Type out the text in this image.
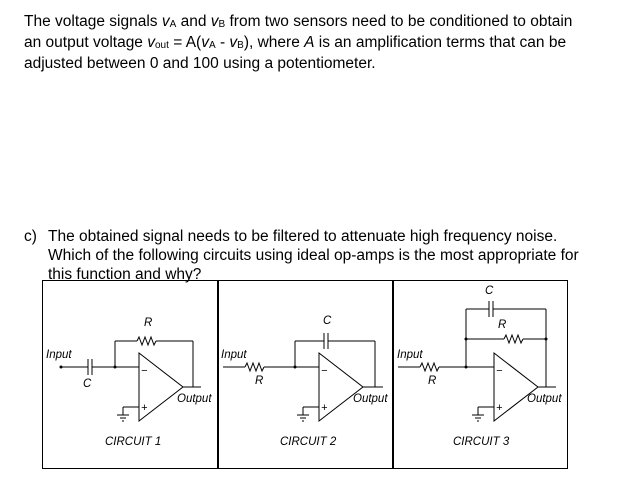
The voltage signals $v_A$ and $v_B$ from two sensors need to be conditioned to obtain
an output voltage $v_{out} = A(v_A - v_B)$, where A is an amplification terms that can be
adjusted between 0 and 100 using a potentiometer.
c) The obtained signal needs to be filtered to attenuate high frequency noise.
Which of the following circuits using ideal op-amps is the most appropriate for
this function and why?
−
+
Input
C
R
Output
CIRCUIT 1
−
+
Input
R
C
Output
CIRCUIT 2
−
+
Input
R
C
R
Output
CIRCUIT 3
